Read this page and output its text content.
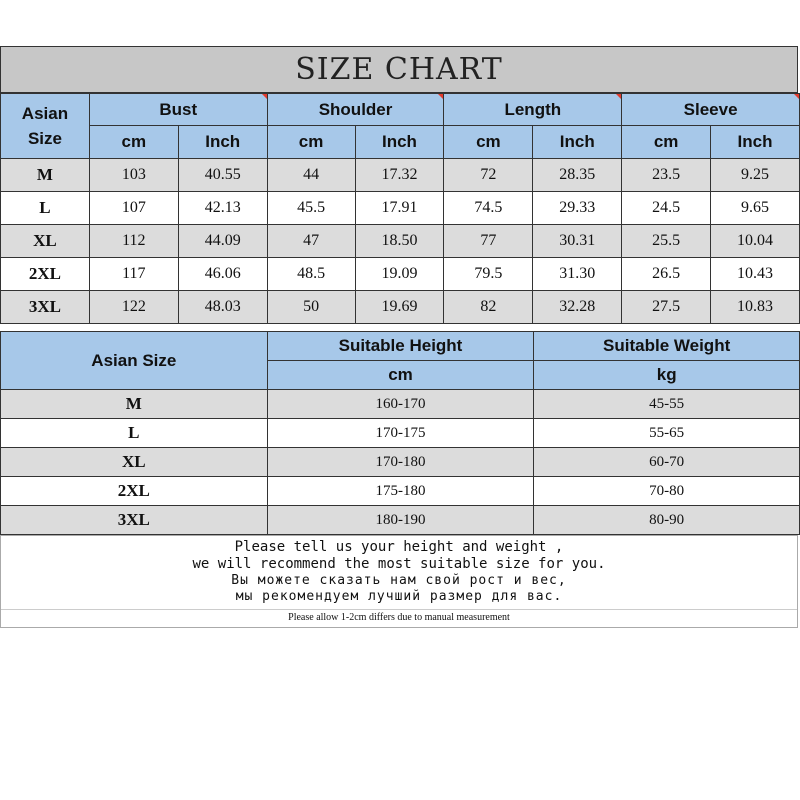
SIZE CHART
Asian
Size	Bust		Shoulder		Length		Sleeve	
	cm	Inch	cm	Inch	cm	Inch	cm	Inch
M	103	40.55	44	17.32	72	28.35	23.5	9.25
L	107	42.13	45.5	17.91	74.5	29.33	24.5	9.65
XL	112	44.09	47	18.50	77	30.31	25.5	10.04
2XL	117	46.06	48.5	19.09	79.5	31.30	26.5	10.43
3XL	122	48.03	50	19.69	82	32.28	27.5	10.83
Asian Size	Suitable Height	Suitable Weight
	cm	kg
M	160-170	45-55
L	170-175	55-65
XL	170-180	60-70
2XL	175-180	70-80
3XL	180-190	80-90
Please tell us your height and weight ,
we will recommend the most suitable size for you.
Вы можете сказать нам свой рост и вес,
мы рекомендуем лучший размер для вас.
Please allow 1-2cm differs due to manual measurement
